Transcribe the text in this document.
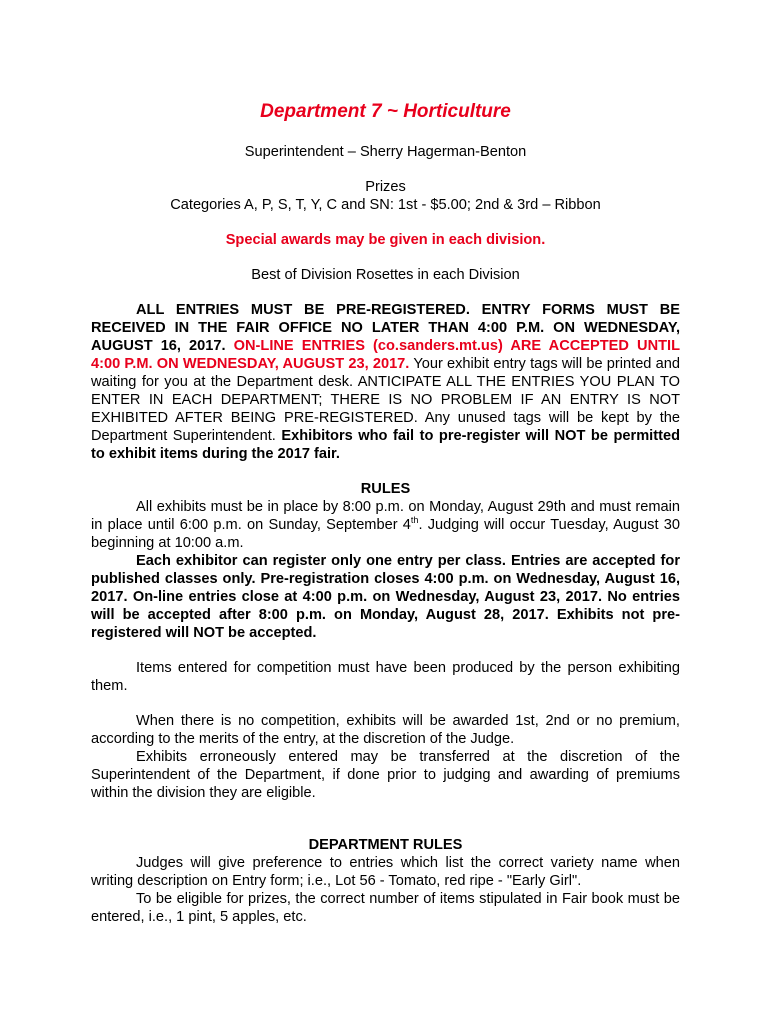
Department 7 ~ Horticulture

Superintendent – Sherry Hagerman-Benton

Prizes

Categories A, P, S, T, Y, C and SN: 1st - $5.00; 2nd & 3rd – Ribbon

Special awards may be given in each division.

Best of Division Rosettes in each Division

ALL ENTRIES MUST BE PRE-REGISTERED. ENTRY FORMS MUST BE RECEIVED IN THE FAIR OFFICE NO LATER THAN 4:00 P.M. ON WEDNESDAY, AUGUST 16, 2017. ON-LINE ENTRIES (co.sanders.mt.us) ARE ACCEPTED UNTIL 4:00 P.M. ON WEDNESDAY, AUGUST 23, 2017. Your exhibit entry tags will be printed and waiting for you at the Department desk. ANTICIPATE ALL THE ENTRIES YOU PLAN TO ENTER IN EACH DEPARTMENT; THERE IS NO PROBLEM IF AN ENTRY IS NOT EXHIBITED AFTER BEING PRE-REGISTERED. Any unused tags will be kept by the Department Superintendent. Exhibitors who fail to pre-register will NOT be permitted to exhibit items during the 2017 fair.

RULES

All exhibits must be in place by 8:00 p.m. on Monday, August 29th and must remain in place until 6:00 p.m. on Sunday, September 4th. Judging will occur Tuesday, August 30 beginning at 10:00 a.m.

Each exhibitor can register only one entry per class. Entries are accepted for published classes only. Pre-registration closes 4:00 p.m. on Wednesday, August 16, 2017. On-line entries close at 4:00 p.m. on Wednesday, August 23, 2017. No entries will be accepted after 8:00 p.m. on Monday, August 28, 2017. Exhibits not pre-registered will NOT be accepted.

Items entered for competition must have been produced by the person exhibiting them.

When there is no competition, exhibits will be awarded 1st, 2nd or no premium, according to the merits of the entry, at the discretion of the Judge.

Exhibits erroneously entered may be transferred at the discretion of the Superintendent of the Department, if done prior to judging and awarding of premiums within the division they are eligible.

DEPARTMENT RULES

Judges will give preference to entries which list the correct variety name when writing description on Entry form; i.e., Lot 56 - Tomato, red ripe - "Early Girl".

To be eligible for prizes, the correct number of items stipulated in Fair book must be entered, i.e., 1 pint, 5 apples, etc.
